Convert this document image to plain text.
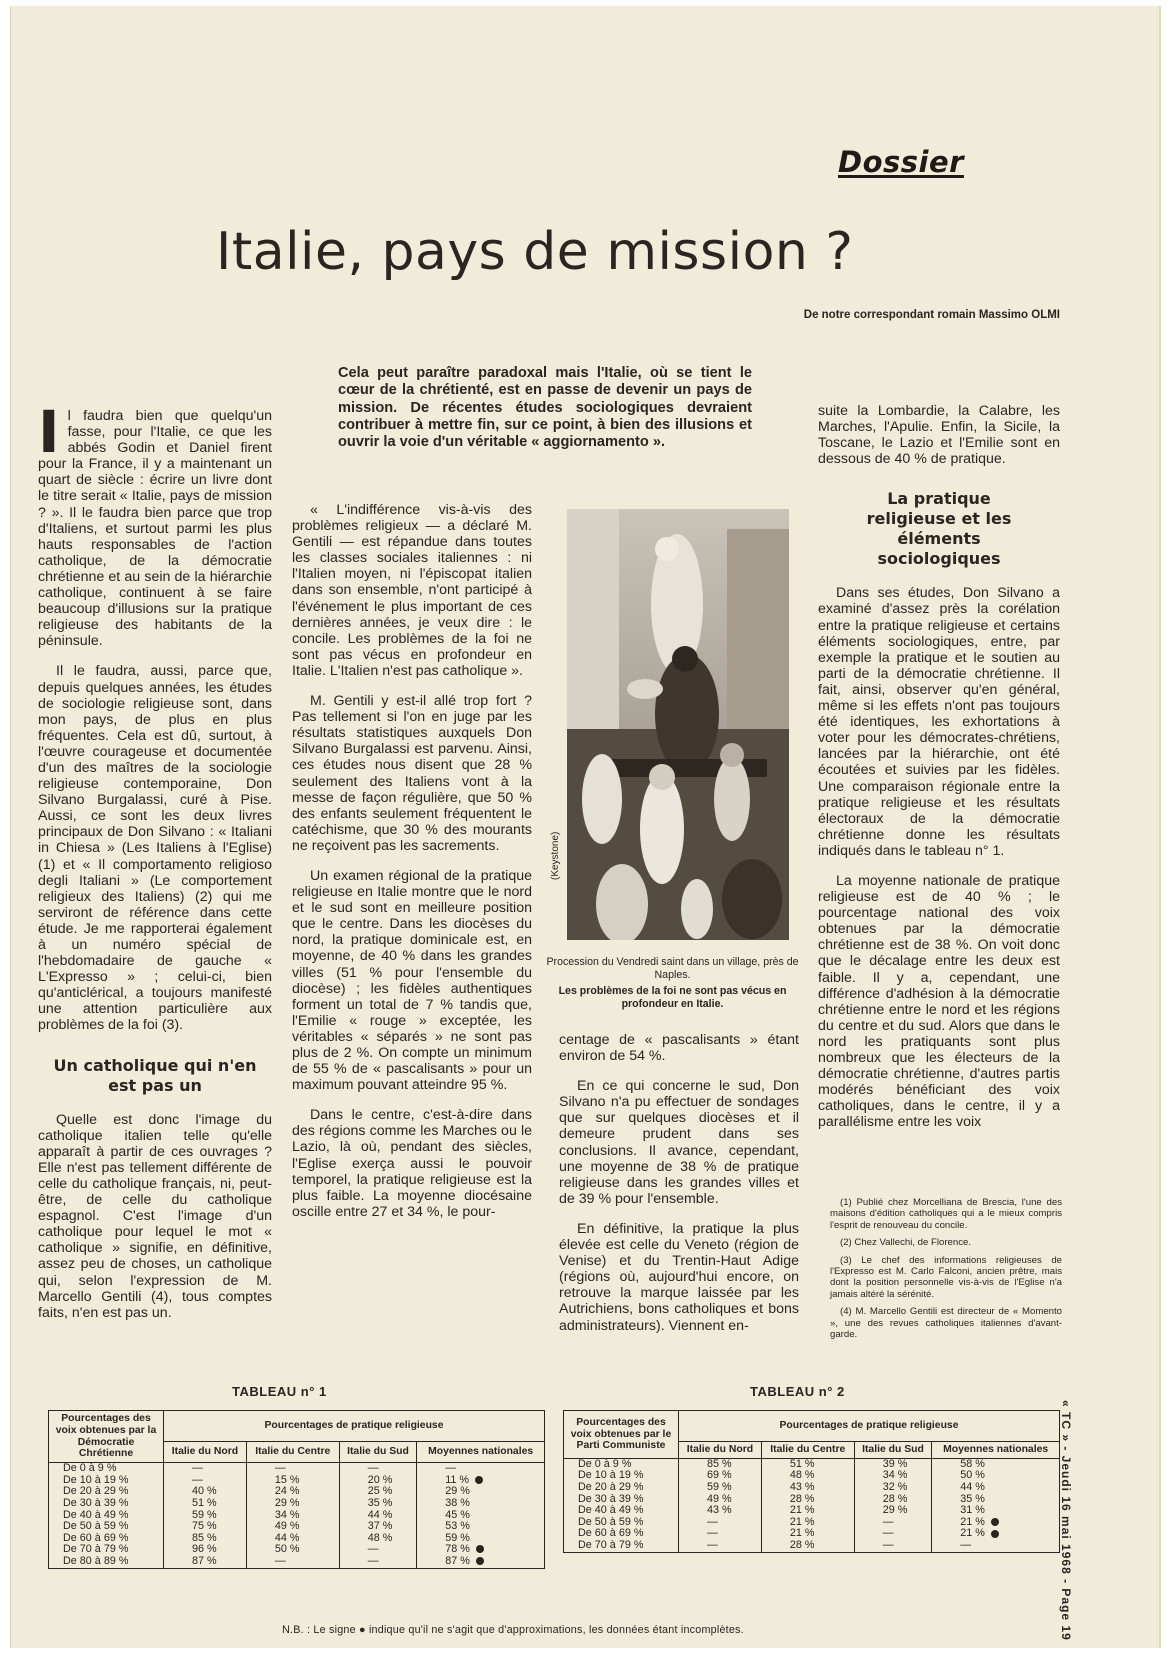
Dossier
Italie, pays de mission ?
De notre correspondant romain Massimo OLMI
Cela peut paraître paradoxal mais l'Italie, où se tient le cœur de la chrétienté, est en passe de devenir un pays de mission. De récentes études sociologiques devraient contribuer à mettre fin, sur ce point, à bien des illusions et ouvrir la voie d'un véritable « aggiornamento ».

Il faudra bien que quelqu'un fasse, pour l'Italie, ce que les abbés Godin et Daniel firent pour la France, il y a maintenant un quart de siècle : écrire un livre dont le titre serait « Italie, pays de mission ? ». Il le faudra bien parce que trop d'Italiens, et surtout parmi les plus hauts responsables de l'action catholique, de la démocratie chrétienne et au sein de la hiérarchie catholique, continuent à se faire beaucoup d'illusions sur la pratique religieuse des habitants de la péninsule.

Il le faudra, aussi, parce que, depuis quelques années, les études de sociologie religieuse sont, dans mon pays, de plus en plus fréquentes. Cela est dû, surtout, à l'œuvre courageuse et documentée d'un des maîtres de la sociologie religieuse contemporaine, Don Silvano Burgalassi, curé à Pise. Aussi, ce sont les deux livres principaux de Don Silvano : « Italiani in Chiesa » (Les Italiens à l'Eglise) (1) et « Il comportamento religioso degli Italiani » (Le comportement religieux des Italiens) (2) qui me serviront de référence dans cette étude. Je me rapporterai également à un numéro spécial de l'hebdomadaire de gauche « L'Expresso » ; celui-ci, bien qu'anticlérical, a toujours manifesté une attention particulière aux problèmes de la foi (3).

Un catholique qui n'en est pas un

Quelle est donc l'image du catholique italien telle qu'elle apparaît à partir de ces ouvrages ? Elle n'est pas tellement différente de celle du catholique français, ni, peut-être, de celle du catholique espagnol. C'est l'image d'un catholique pour lequel le mot « catholique » signifie, en définitive, assez peu de choses, un catholique qui, selon l'expression de M. Marcello Gentili (4), tous comptes faits, n'en est pas un.

« L'indifférence vis-à-vis des problèmes religieux — a déclaré M. Gentili — est répandue dans toutes les classes sociales italiennes : ni l'Italien moyen, ni l'épiscopat italien dans son ensemble, n'ont participé à l'événement le plus important de ces dernières années, je veux dire : le concile. Les problèmes de la foi ne sont pas vécus en profondeur en Italie. L'Italien n'est pas catholique ».

M. Gentili y est-il allé trop fort ? Pas tellement si l'on en juge par les résultats statistiques auxquels Don Silvano Burgalassi est parvenu. Ainsi, ces études nous disent que 28 % seulement des Italiens vont à la messe de façon régulière, que 50 % des enfants seulement fréquentent le catéchisme, que 30 % des mourants ne reçoivent pas les sacrements.

Un examen régional de la pratique religieuse en Italie montre que le nord et le sud sont en meilleure position que le centre. Dans les diocèses du nord, la pratique dominicale est, en moyenne, de 40 % dans les grandes villes (51 % pour l'ensemble du diocèse) ; les fidèles authentiques forment un total de 7 % tandis que, l'Emilie « rouge » exceptée, les véritables « séparés » ne sont pas plus de 2 %. On compte un minimum de 55 % de « pascalisants » pour un maximum pouvant atteindre 95 %.

Dans le centre, c'est-à-dire dans des régions comme les Marches ou le Lazio, là où, pendant des siècles, l'Eglise exerça aussi le pouvoir temporel, la pratique religieuse est la plus faible. La moyenne diocésaine oscille entre 27 et 34 %, le pour-

(Keystone)
Procession du Vendredi saint dans un village, près de Naples.
Les problèmes de la foi ne sont pas vécus en profondeur en Italie.

centage de « pascalisants » étant environ de 54 %.

En ce qui concerne le sud, Don Silvano n'a pu effectuer de sondages que sur quelques diocèses et il demeure prudent dans ses conclusions. Il avance, cependant, une moyenne de 38 % de pratique religieuse dans les grandes villes et de 39 % pour l'ensemble.

En définitive, la pratique la plus élevée est celle du Veneto (région de Venise) et du Trentin-Haut Adige (régions où, aujourd'hui encore, on retrouve la marque laissée par les Autrichiens, bons catholiques et bons administrateurs). Viennent en-

suite la Lombardie, la Calabre, les Marches, l'Apulie. Enfin, la Sicile, la Toscane, le Lazio et l'Emilie sont en dessous de 40 % de pratique.

La pratique religieuse et les éléments sociologiques

Dans ses études, Don Silvano a examiné d'assez près la corélation entre la pratique religieuse et certains éléments sociologiques, entre, par exemple la pratique et le soutien au parti de la démocratie chrétienne. Il fait, ainsi, observer qu'en général, même si les effets n'ont pas toujours été identiques, les exhortations à voter pour les démocrates-chrétiens, lancées par la hiérarchie, ont été écoutées et suivies par les fidèles. Une comparaison régionale entre la pratique religieuse et les résultats électoraux de la démocratie chrétienne donne les résultats indiqués dans le tableau n° 1.

La moyenne nationale de pratique religieuse est de 40 % ; le pourcentage national des voix obtenues par la démocratie chrétienne est de 38 %. On voit donc que le décalage entre les deux est faible. Il y a, cependant, une différence d'adhésion à la démocratie chrétienne entre le nord et les régions du centre et du sud. Alors que dans le nord les pratiquants sont plus nombreux que les électeurs de la démocratie chrétienne, d'autres partis modérés bénéficiant des voix catholiques, dans le centre, il y a parallélisme entre les voix

(1) Publié chez Morcelliana de Brescia, l'une des maisons d'édition catholiques qui a le mieux compris l'esprit de renouveau du concile.

(2) Chez Vallechi, de Florence.

(3) Le chef des informations religieuses de l'Expresso est M. Carlo Falconi, ancien prêtre, mais dont la position personnelle vis-à-vis de l'Eglise n'a jamais altéré la sérénité.

(4) M. Marcello Gentili est directeur de « Momento », une des revues catholiques italiennes d'avant-garde.

TABLEAU n° 1	TABLEAU n° 2
Pourcentages des voix obtenues par la Démocratie Chrétienne	Pourcentages de pratique religieuse			
	Italie du Nord	Italie du Centre	Italie du Sud	Moyennes nationales
De 0 à 9 %	—	—	—	—
De 10 à 19 %	—	15 %	20 %	11 %
De 20 à 29 %	40 %	24 %	25 %	29 %
De 30 à 39 %	51 %	29 %	35 %	38 %
De 40 à 49 %	59 %	34 %	44 %	45 %
De 50 à 59 %	75 %	49 %	37 %	53 %
De 60 à 69 %	85 %	44 %	48 %	59 %
De 70 à 79 %	96 %	50 %	—	78 %
De 80 à 89 %	87 %	—	—	87 %
Pourcentages des voix obtenues par le Parti Communiste	Pourcentages de pratique religieuse			
	Italie du Nord	Italie du Centre	Italie du Sud	Moyennes nationales
De 0 à 9 %	85 %	51 %	39 %	58 %
De 10 à 19 %	69 %	48 %	34 %	50 %
De 20 à 29 %	59 %	43 %	32 %	44 %
De 30 à 39 %	49 %	28 %	28 %	35 %
De 40 à 49 %	43 %	21 %	29 %	31 %
De 50 à 59 %	—	21 %	—	21 %
De 60 à 69 %	—	21 %	—	21 %
De 70 à 79 %	—	28 %	—	—
N.B. : Le signe ● indique qu'il ne s'agit que d'approximations, les données étant incomplètes.	« TC » - Jeudi 16 mai 1968 - Page 19
